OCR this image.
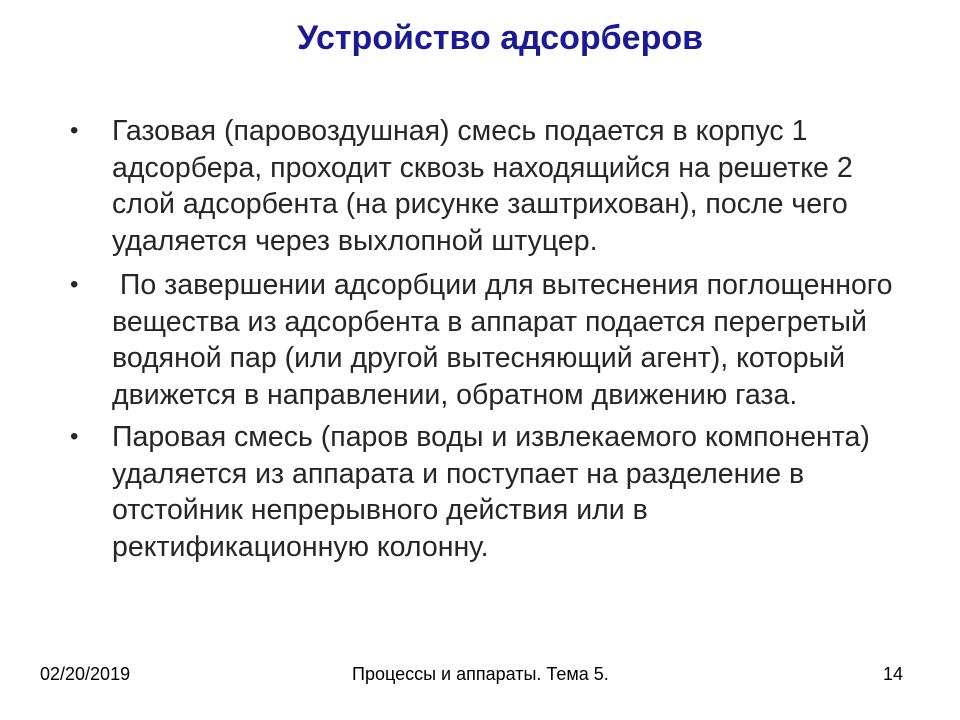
Устройство адсорберов
• Газовая (паровоздушная) смесь подается в корпус 1 адсорбера, проходит сквозь находящийся на решетке 2 слой адсорбента (на рисунке заштрихован), после чего удаляется через выхлопной штуцер.
• По завершении адсорбции для вытеснения поглощенного вещества из адсорбента в аппарат подается перегретый водяной пар (или другой вытесняющий агент), который движется в направлении, обратном движению газа.
• Паровая смесь (паров воды и извлекаемого компонента) удаляется из аппарата и поступает на разделение в отстойник непрерывного действия или в ректификационную колонну.
02/20/2019	Процессы и аппараты. Тема 5.	14
